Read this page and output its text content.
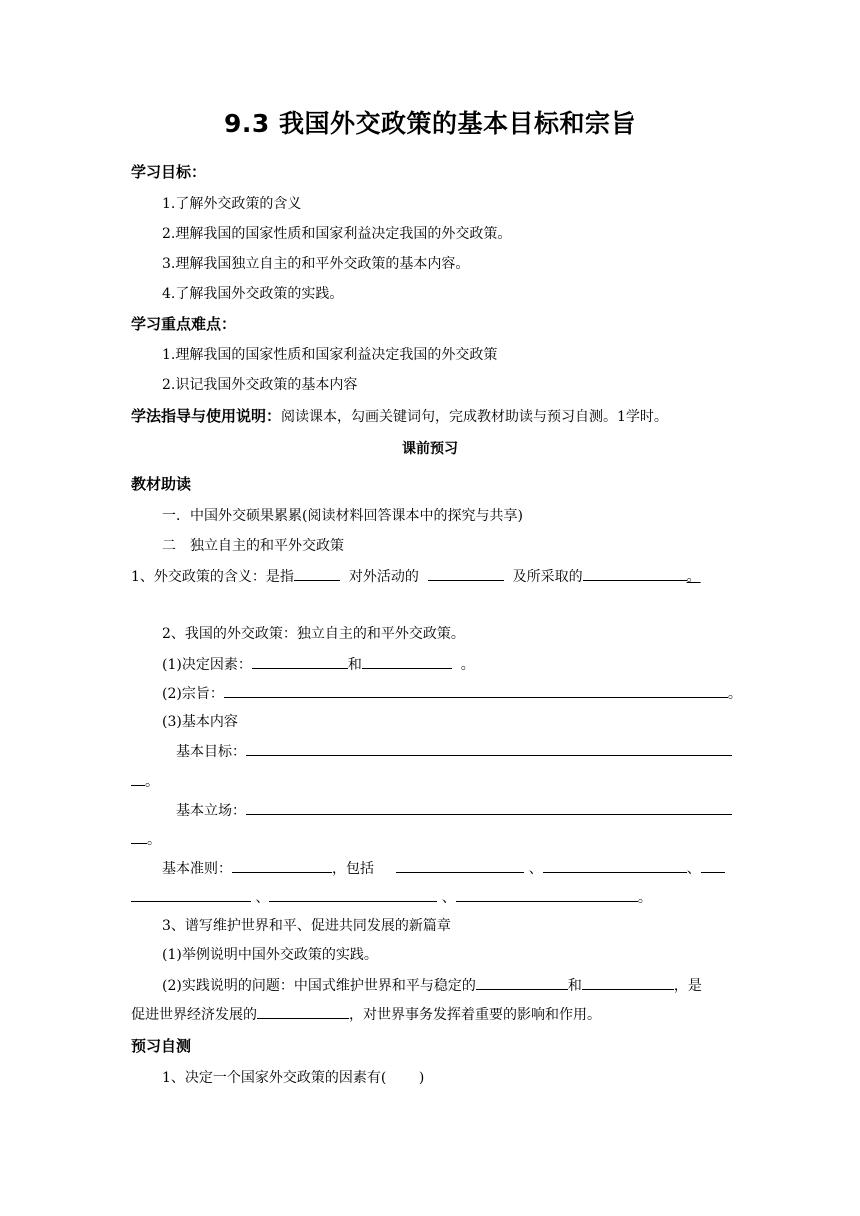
9.3 我国外交政策的基本目标和宗旨
学习目标：
1.了解外交政策的含义
2.理解我国的国家性质和国家利益决定我国的外交政策。
3.理解我国独立自主的和平外交政策的基本内容。
4.了解我国外交政策的实践。
学习重点难点：
1.理解我国的国家性质和国家利益决定我国的外交政策
2.识记我国外交政策的基本内容
学法指导与使用说明：阅读课本，勾画关键词句，完成教材助读与预习自测。1学时。
课前预习
教材助读
一．中国外交硕果累累(阅读材料回答课本中的探究与共享)
二　独立自主的和平外交政策
1、外交政策的含义：是指	对外活动的	及所采取的	。
2、我国的外交政策：独立自主的和平外交政策。
(1)决定因素：	和	。
(2)宗旨：	。
(3)基本内容
基本目标：
。
基本立场：
。
基本准则：	，包括	、	、
、	、	。
3、谱写维护世界和平、促进共同发展的新篇章
(1)举例说明中国外交政策的实践。
(2)实践说明的问题：中国式维护世界和平与稳定的	和	，是
促进世界经济发展的	，对世界事务发挥着重要的影响和作用。
预习自测
1、决定一个国家外交政策的因素有(　　 )
